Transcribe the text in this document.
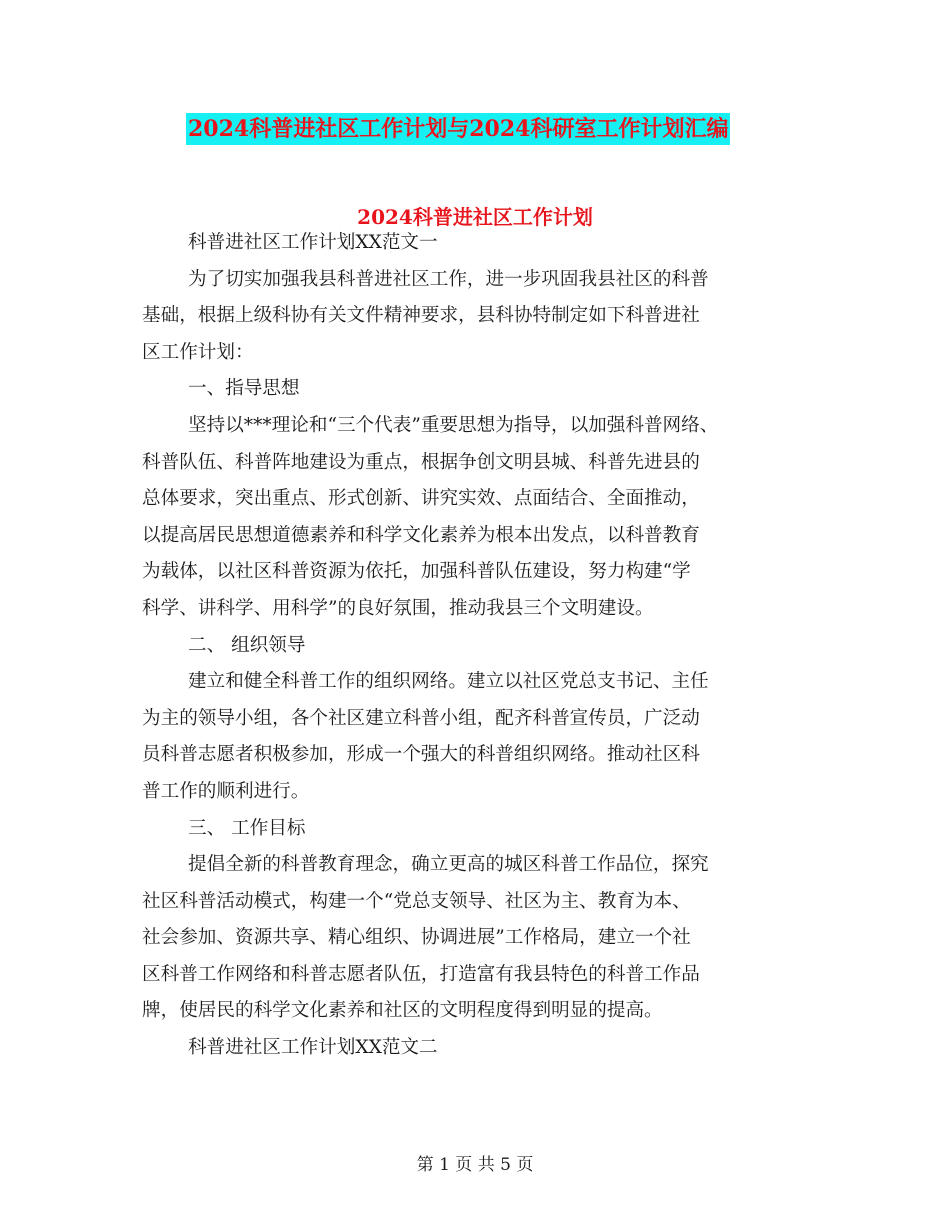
2024科普进社区工作计划与2024科研室工作计划汇编
2024科普进社区工作计划

科普进社区工作计划XX范文一

为了切实加强我县科普进社区工作，进一步巩固我县社区的科普

基础，根据上级科协有关文件精神要求，县科协特制定如下科普进社

区工作计划：

一、指导思想

坚持以***理论和“三个代表”重要思想为指导，以加强科普网络、

科普队伍、科普阵地建设为重点，根据争创文明县城、科普先进县的

总体要求，突出重点、形式创新、讲究实效、点面结合、全面推动，

以提高居民思想道德素养和科学文化素养为根本出发点，以科普教育

为载体，以社区科普资源为依托，加强科普队伍建设，努力构建“学

科学、讲科学、用科学”的良好氛围，推动我县三个文明建设。

二、 组织领导

建立和健全科普工作的组织网络。建立以社区党总支书记、主任

为主的领导小组，各个社区建立科普小组，配齐科普宣传员，广泛动

员科普志愿者积极参加，形成一个强大的科普组织网络。推动社区科

普工作的顺利进行。

三、 工作目标

提倡全新的科普教育理念，确立更高的城区科普工作品位，探究

社区科普活动模式，构建一个“党总支领导、社区为主、教育为本、

社会参加、资源共享、精心组织、协调进展”工作格局，建立一个社

区科普工作网络和科普志愿者队伍，打造富有我县特色的科普工作品

牌，使居民的科学文化素养和社区的文明程度得到明显的提高。

科普进社区工作计划XX范文二

第 1 页 共 5 页
